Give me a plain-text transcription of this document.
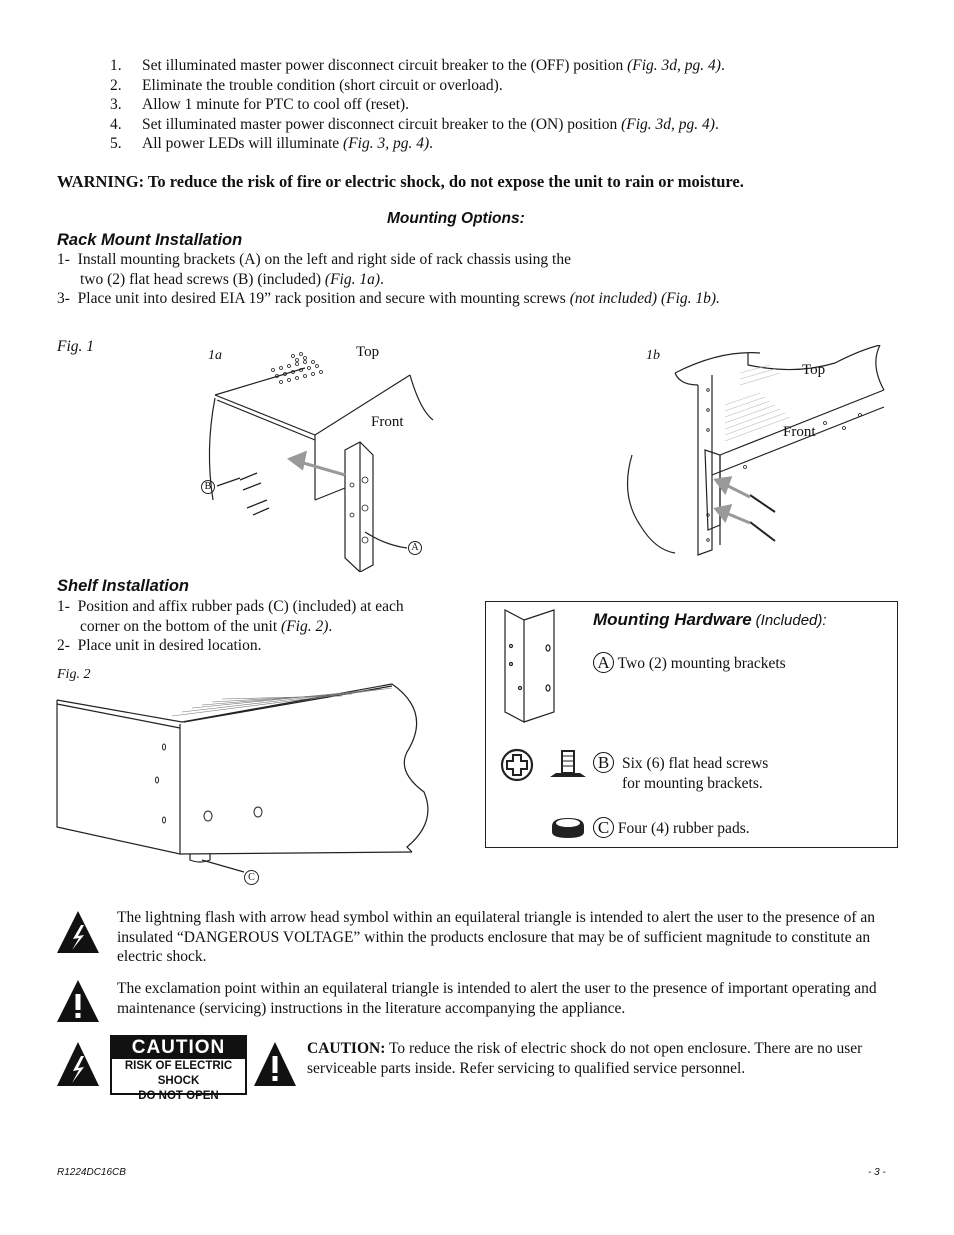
1. Set illuminated master power disconnect circuit breaker to the (OFF) position (Fig. 3d, pg. 4).
2. Eliminate the trouble condition (short circuit or overload).
3. Allow 1 minute for PTC to cool off (reset).
4. Set illuminated master power disconnect circuit breaker to the (ON) position (Fig. 3d, pg. 4).
5. All power LEDs will illuminate (Fig. 3, pg. 4).
WARNING: To reduce the risk of fire or electric shock, do not expose the unit to rain or moisture.
Mounting Options:
Rack Mount Installation
1- Install mounting brackets (A) on the left and right side of rack chassis using the
two (2) flat head screws (B) (included) (Fig. 1a).
3- Place unit into desired EIA 19” rack position and secure with mounting screws (not included) (Fig. 1b).
Fig. 1
1a	Top
Front
B
A
1b
Top
Front
Shelf Installation
1- Position and affix rubber pads (C) (included) at each
corner on the bottom of the unit (Fig. 2).
2- Place unit in desired location.
Fig. 2
C
Mounting Hardware (Included):
A Two (2) mounting brackets
B Six (6) flat head screws
for mounting brackets.
C Four (4) rubber pads.
The lightning flash with arrow head symbol within an equilateral triangle is intended to alert the user to the presence of an insulated “DANGEROUS VOLTAGE” within the products enclosure that may be of sufficient magnitude to constitute an electric shock.
The exclamation point within an equilateral triangle is intended to alert the user to the presence of important operating and maintenance (servicing) instructions in the literature accompanying the appliance.
CAUTION
RISK OF ELECTRIC SHOCK
DO NOT OPEN
CAUTION: To reduce the risk of electric shock do not open enclosure. There are no user serviceable parts inside. Refer servicing to qualified service personnel.
R1224DC16CB	- 3 -
